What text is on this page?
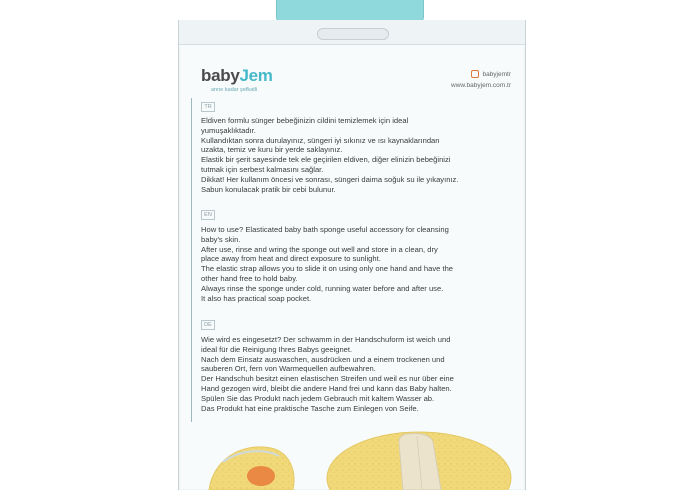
babyJem
anne kadar şefkatli
babyjemtr
www.babyjem.com.tr
TR
Eldiven formlu sünger bebeğinizin cildini temizlemek için ideal
yumuşaklıktadır.
Kullandıktan sonra durulayınız, süngeri iyi sıkınız ve ısı kaynaklarından
uzakta, temiz ve kuru bir yerde saklayınız.
Elastik bir şerit sayesinde tek ele geçirilen eldiven, diğer elinizin bebeğinizi
tutmak için serbest kalmasını sağlar.
Dikkat! Her kullanım öncesi ve sonrası, süngeri daima soğuk su ile yıkayınız.
Sabun konulacak pratik bir cebi bulunur.
EN
How to use? Elasticated baby bath sponge useful accessory for cleansing
baby's skin.
After use, rinse and wring the sponge out well and store in a clean, dry
place away from heat and direct exposure to sunlight.
The elastic strap allows you to slide it on using only one hand and have the
other hand free to hold baby.
Always rinse the sponge under cold, running water before and after use.
It also has practical soap pocket.
DE
Wie wird es eingesetzt? Der schwamm in der Handschuform ist weich und
ideal für die Reinigung Ihres Babys geeignet.
Nach dem Einsatz auswaschen, ausdrücken und a einem trockenen und
sauberen Ort, fern von Warmequellen aufbewahren.
Der Handschuh besitzt einen elastischen Streifen und weil es nur über eine
Hand gezogen wird, bleibt die andere Hand frei und kann das Baby halten.
Spülen Sie das Produkt nach jedem Gebrauch mit kaltem Wasser ab.
Das Produkt hat eine praktische Tasche zum Einlegen von Seife.
